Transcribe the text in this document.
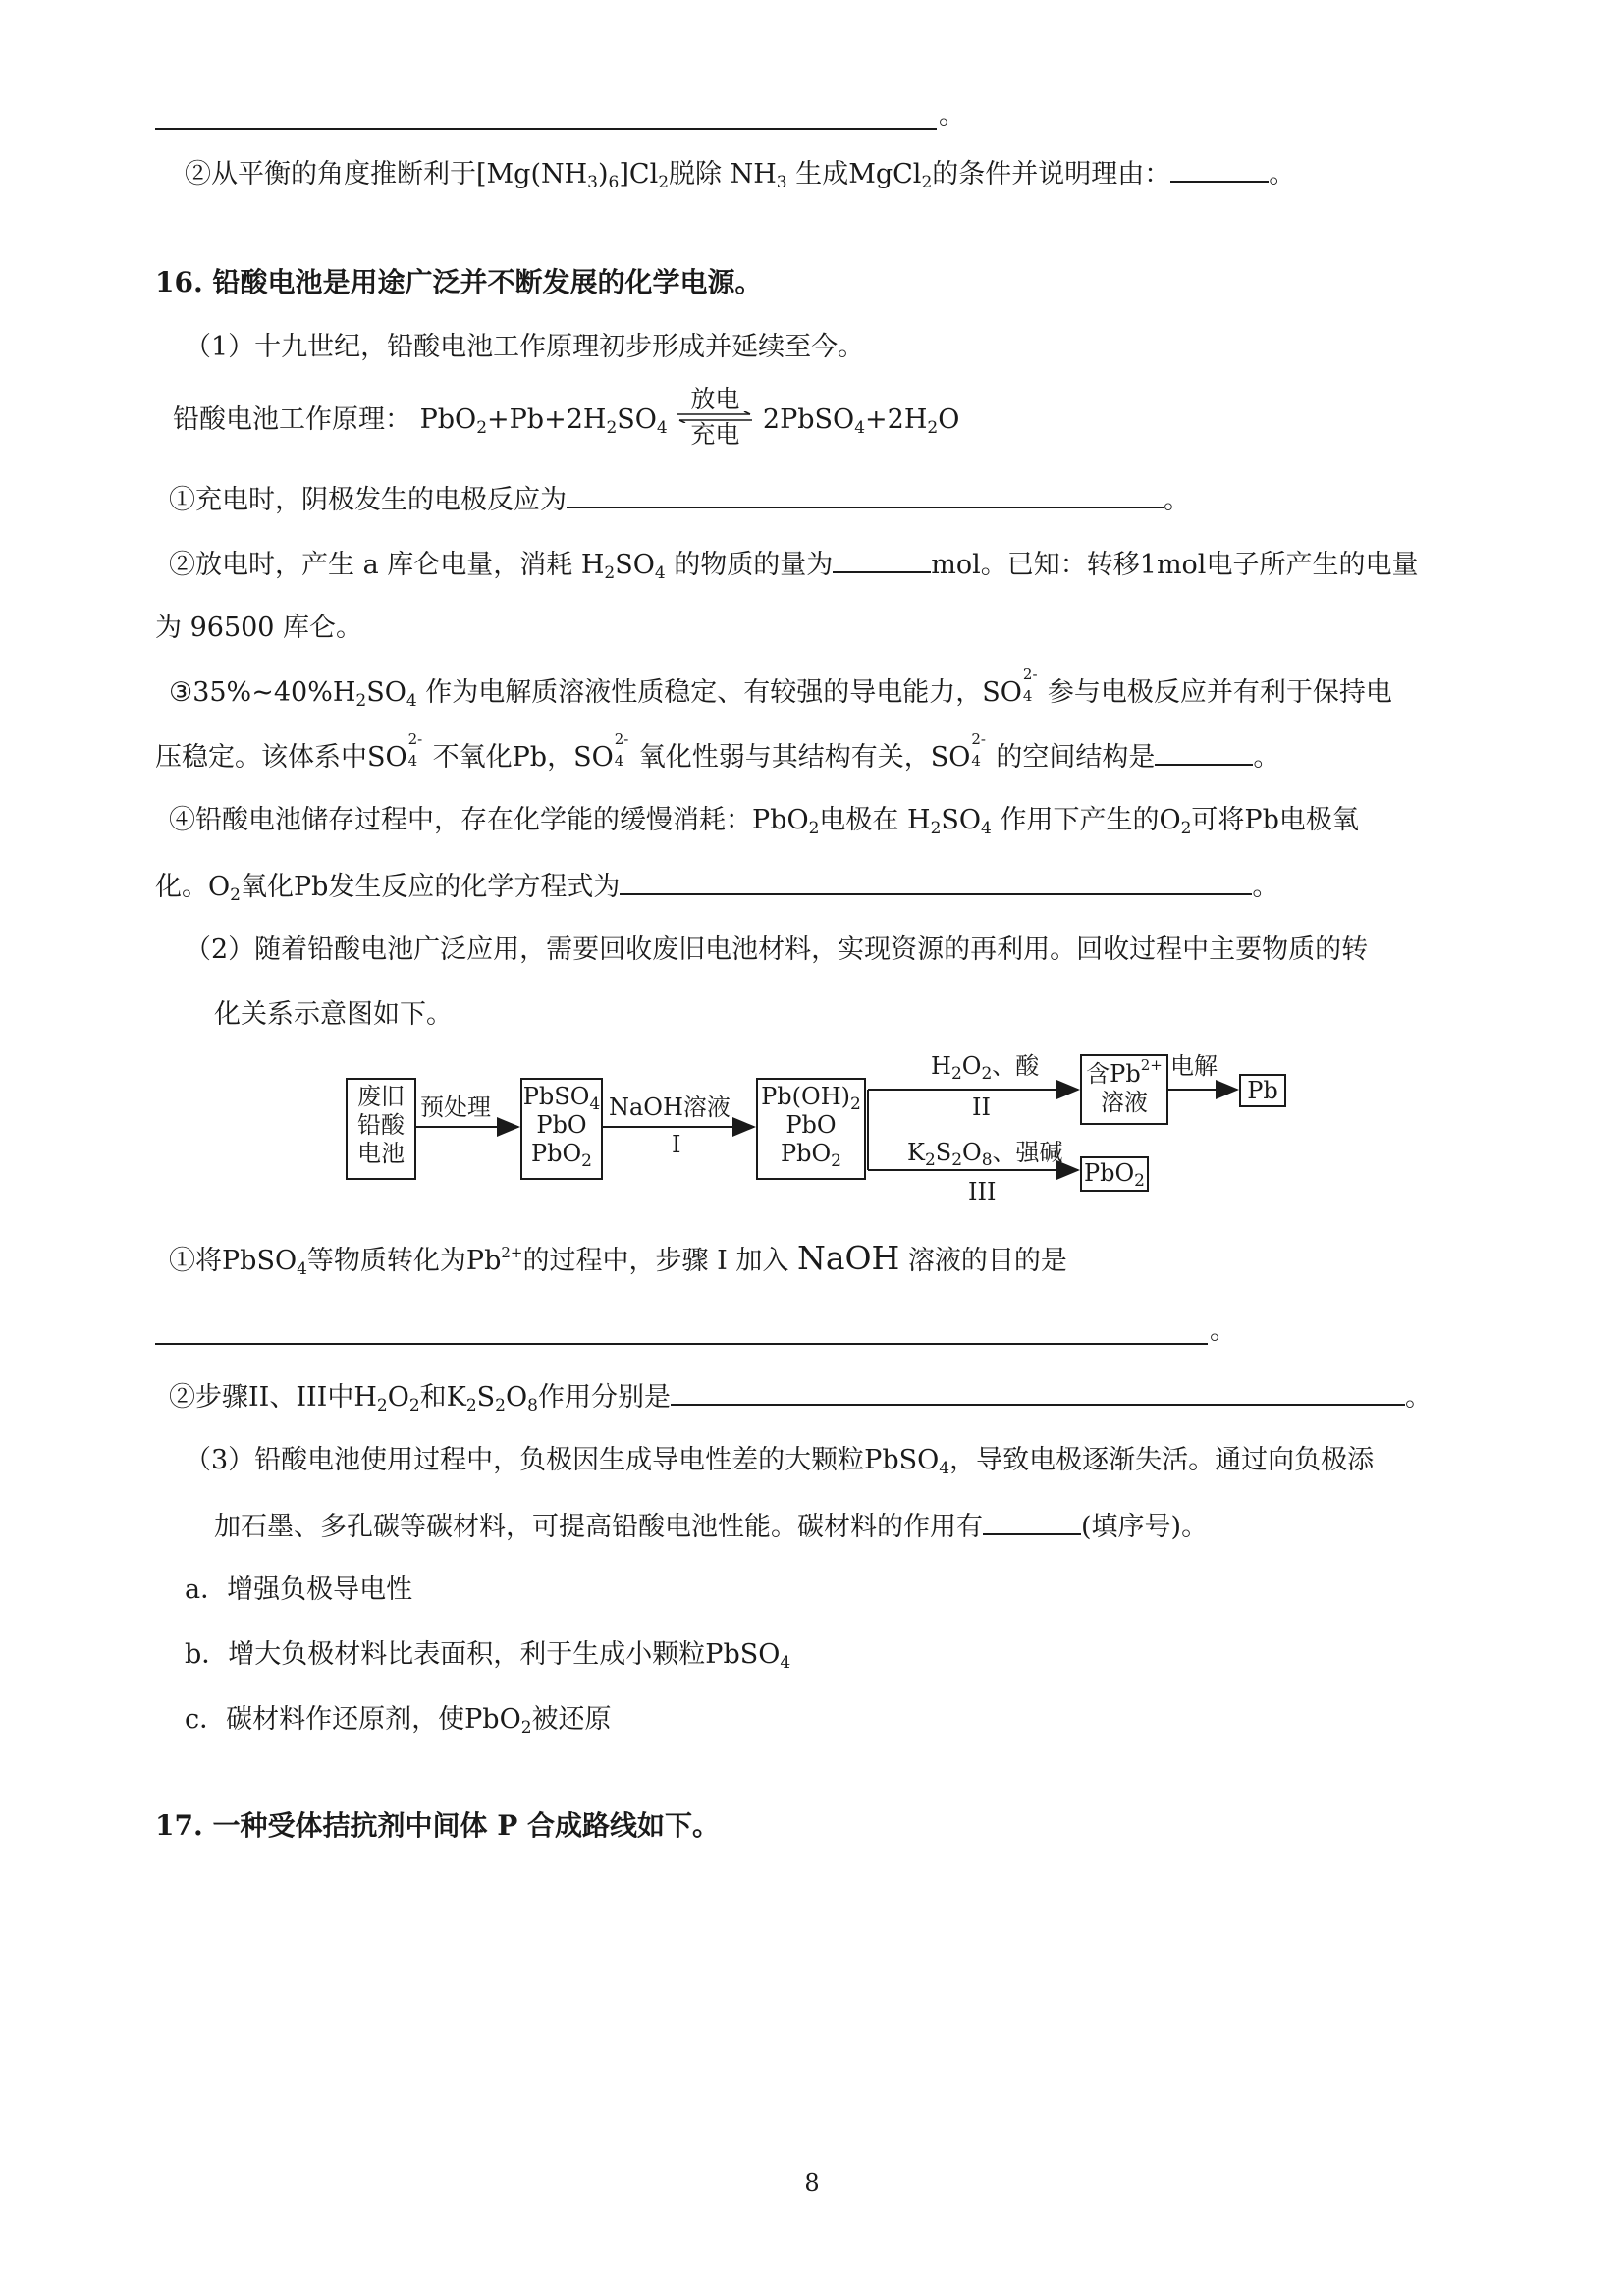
。
②从平衡的角度推断利于$[Mg(NH_3)_6]Cl_2$脱除 $NH_3$ 生成MgCl$_2$的条件并说明理由：	。
16. 铅酸电池是用途广泛并不断发展的化学电源。
（1）十九世纪，铅酸电池工作原理初步形成并延续至今。
铅酸电池工作原理： $PbO_2+Pb+2H_2SO_4$
放电
充电 $2PbSO_4+2H_2O$
①充电时，阴极发生的电极反应为	。
②放电时，产生 a 库仑电量，消耗 $H_2SO_4$ 的物质的量为	mol。已知：转移1mol电子所产生的电量
为 96500 库仑。
$③35\%\sim 40\%H_2SO_4$ 作为电解质溶液性质稳定、有较强的导电能力，SO
2-
4 参与电极反应并有利于保持电
压稳定。该体系中SO
2-
4 不氧化Pb，SO
2-
4 氧化性弱与其结构有关，SO
2-
4 的空间结构是	。
④铅酸电池储存过程中，存在化学能的缓慢消耗：PbO$_2$电极在 $H_2SO_4$ 作用下产生的$O_2$可将Pb电极氧
化。$O_2$氧化Pb发生反应的化学方程式为	。
（2）随着铅酸电池广泛应用，需要回收废旧电池材料，实现资源的再利用。回收过程中主要物质的转
化关系示意图如下。
废旧
铅酸
电池
预处理 PbSO$_4$
PbO
PbO$_2$
NaOH溶液
I
$Pb(OH)_2$
PbO
PbO$_2$
$H_2O_2$、酸
II
$K_2S_2O_8$、强碱
III
含$Pb^{2+}$
溶液
电解
Pb
PbO$_2$
①将PbSO$_4$等物质转化为$Pb^{2+}$的过程中，步骤 I 加入 NaOH 溶液的目的是
。
②步骤II、III中$H_2O_2$和$K_2S_2O_8$作用分别是	。
（3）铅酸电池使用过程中，负极因生成导电性差的大颗粒PbSO$_4$，导致电极逐渐失活。通过向负极添
加石墨、多孔碳等碳材料，可提高铅酸电池性能。碳材料的作用有	(填序号)。
a．增强负极导电性
b．增大负极材料比表面积，利于生成小颗粒PbSO$_4$
c．碳材料作还原剂，使PbO$_2$被还原
17. 一种受体拮抗剂中间体 P 合成路线如下。
8
